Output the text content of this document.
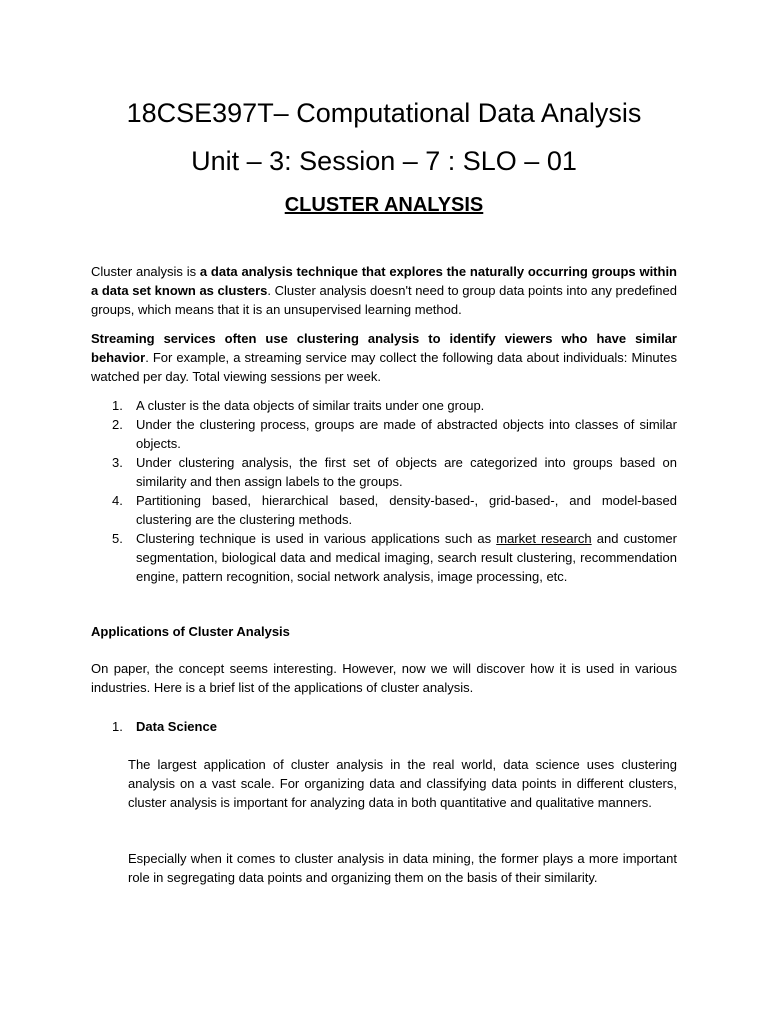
18CSE397T– Computational Data Analysis
Unit – 3: Session – 7 : SLO – 01
CLUSTER ANALYSIS

Cluster analysis is a data analysis technique that explores the naturally occurring groups within a data set known as clusters. Cluster analysis doesn't need to group data points into any predefined groups, which means that it is an unsupervised learning method.

Streaming services often use clustering analysis to identify viewers who have similar behavior. For example, a streaming service may collect the following data about individuals: Minutes watched per day. Total viewing sessions per week.

1. A cluster is the data objects of similar traits under one group.
2. Under the clustering process, groups are made of abstracted objects into classes of similar objects.
3. Under clustering analysis, the first set of objects are categorized into groups based on similarity and then assign labels to the groups.
4. Partitioning based, hierarchical based, density-based-, grid-based-, and model-based clustering are the clustering methods.
5. Clustering technique is used in various applications such as market research and customer segmentation, biological data and medical imaging, search result clustering, recommendation engine, pattern recognition, social network analysis, image processing, etc.

Applications of Cluster Analysis

On paper, the concept seems interesting. However, now we will discover how it is used in various industries. Here is a brief list of the applications of cluster analysis.

1. Data Science

The largest application of cluster analysis in the real world, data science uses clustering analysis on a vast scale. For organizing data and classifying data points in different clusters, cluster analysis is important for analyzing data in both quantitative and qualitative manners.

Especially when it comes to cluster analysis in data mining, the former plays a more important role in segregating data points and organizing them on the basis of their similarity.
